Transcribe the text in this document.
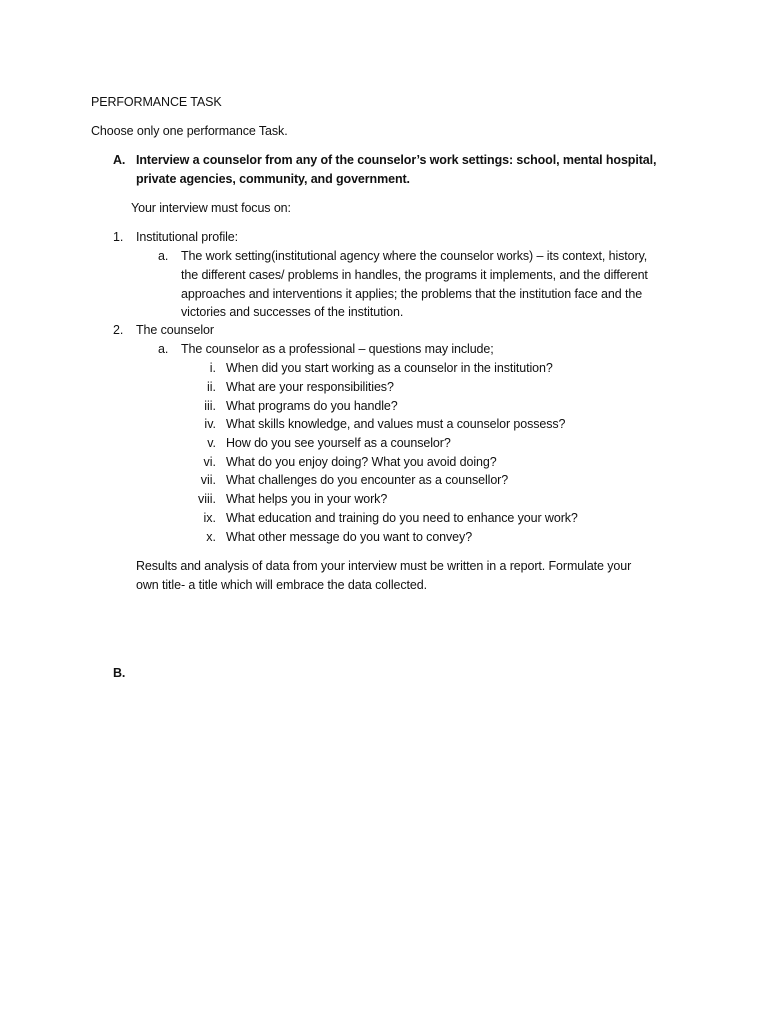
PERFORMANCE TASK
Choose only one performance Task.
A. Interview a counselor from any of the counselor’s work settings: school, mental hospital,
private agencies, community, and government.
Your interview must focus on:
1. Institutional profile:
a. The work setting(institutional agency where the counselor works) – its context, history,
the different cases/ problems in handles, the programs it implements, and the different
approaches and interventions it applies; the problems that the institution face and the
victories and successes of the institution.
2. The counselor
a. The counselor as a professional – questions may include;
i. When did you start working as a counselor in the institution?
ii. What are your responsibilities?
iii. What programs do you handle?
iv. What skills knowledge, and values must a counselor possess?
v. How do you see yourself as a counselor?
vi. What do you enjoy doing? What you avoid doing?
vii. What challenges do you encounter as a counsellor?
viii. What helps you in your work?
ix. What education and training do you need to enhance your work?
x. What other message do you want to convey?
Results and analysis of data from your interview must be written in a report. Formulate your
own title- a title which will embrace the data collected.
B.
